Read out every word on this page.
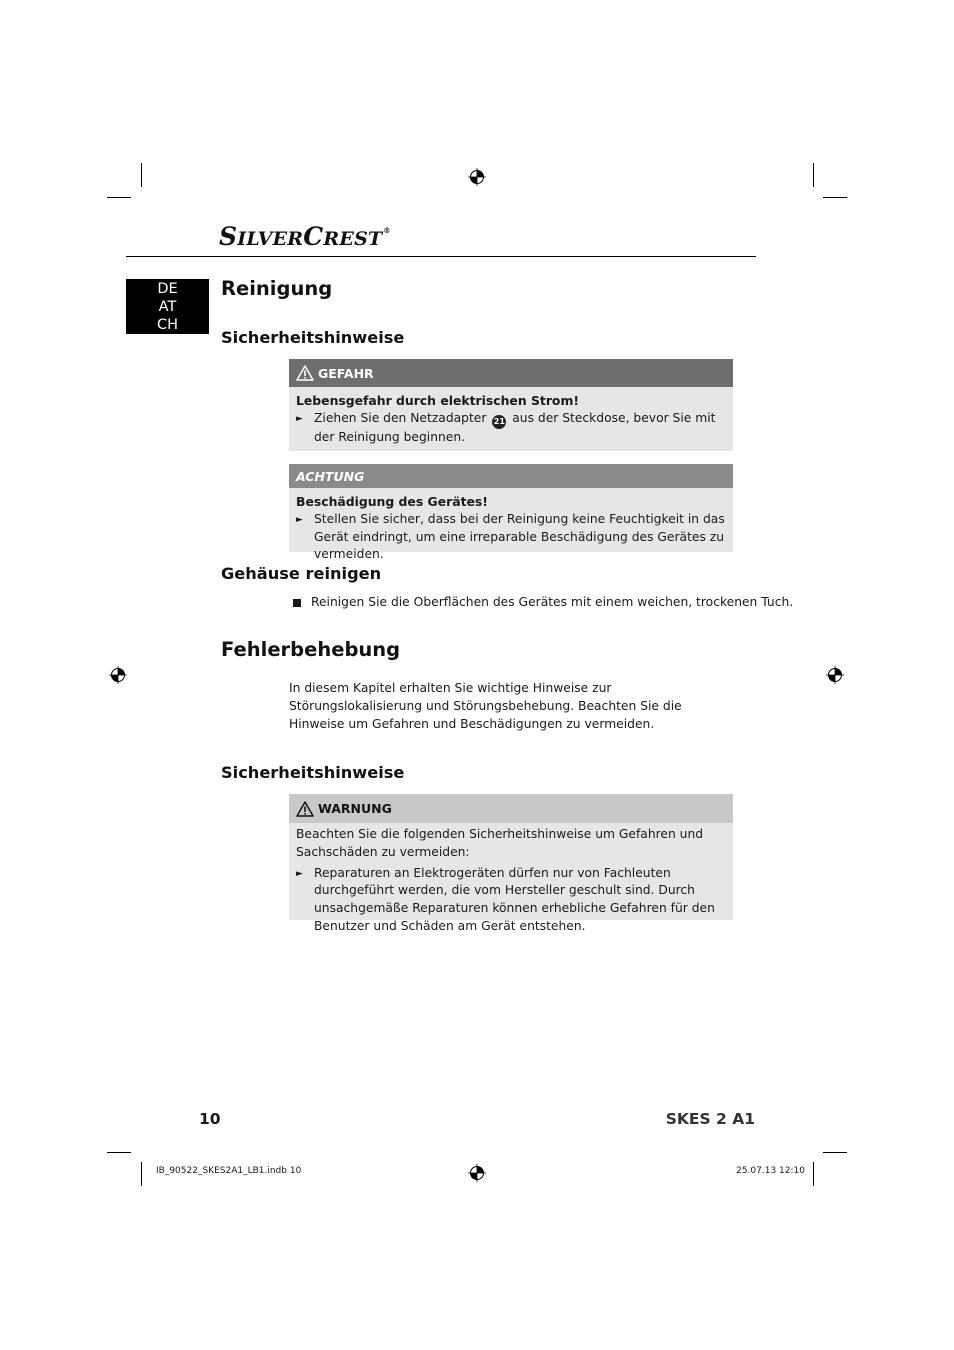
SILVERCREST®
DE
AT
CH
Reinigung
Sicherheitshinweise
GEFAHR
Lebensgefahr durch elektrischen Strom!
► Ziehen Sie den Netzadapter 21 aus der Steckdose, bevor Sie mit der Reinigung beginnen.
ACHTUNG
Beschädigung des Gerätes!
► Stellen Sie sicher, dass bei der Reinigung keine Feuchtigkeit in das Gerät eindringt, um eine irreparable Beschädigung des Gerätes zu vermeiden.
Gehäuse reinigen
Reinigen Sie die Oberflächen des Gerätes mit einem weichen, trockenen Tuch.
Fehlerbehebung
In diesem Kapitel erhalten Sie wichtige Hinweise zur Störungslokalisierung und Störungsbehebung. Beachten Sie die Hinweise um Gefahren und Beschädigungen zu vermeiden.
Sicherheitshinweise
WARNUNG
Beachten Sie die folgenden Sicherheitshinweise um Gefahren und Sachschäden zu vermeiden:
► Reparaturen an Elektrogeräten dürfen nur von Fachleuten durchgeführt werden, die vom Hersteller geschult sind. Durch unsachgemäße Reparaturen können erhebliche Gefahren für den Benutzer und Schäden am Gerät entstehen.
10	SKES 2 A1
IB_90522_SKES2A1_LB1.indb 10	25.07.13 12:10
